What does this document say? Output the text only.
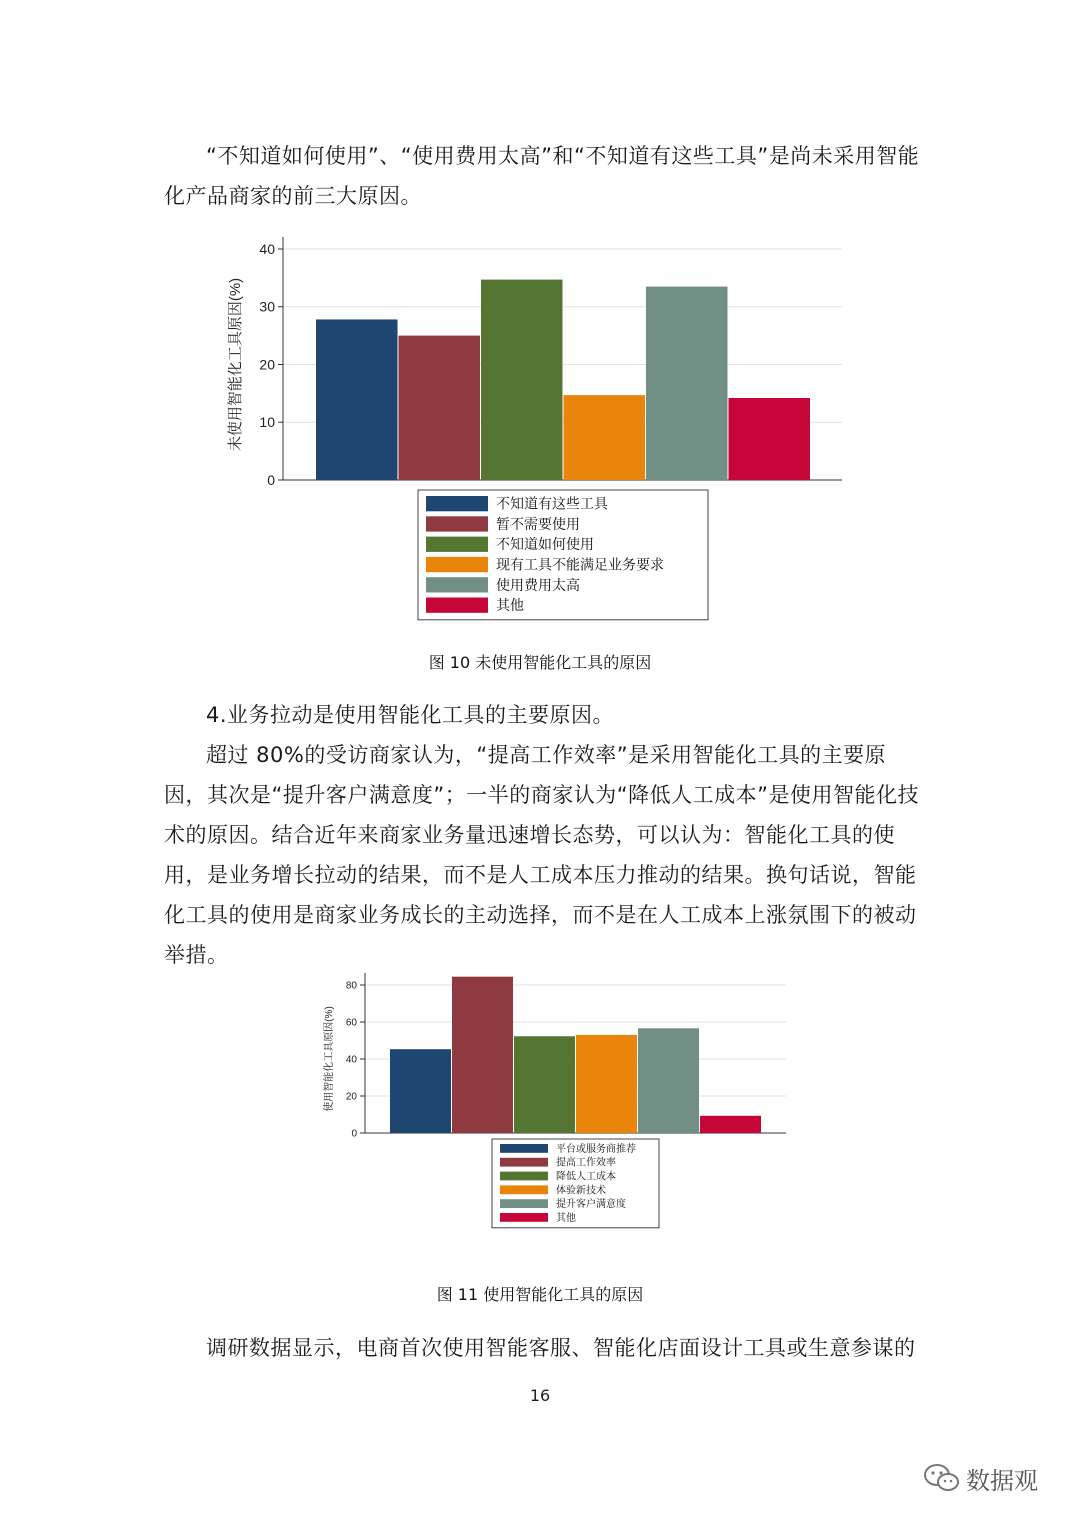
“不知道如何使用”、“使用费用太高”和“不知道有这些工具”是尚未采用智能化产品商家的前三大原因。

0
10
20
30
40
未使用智能化工具原因(%)
不知道有这些工具
暂不需要使用
不知道如何使用
现有工具不能满足业务要求
使用费用太高
其他
0
20
40
60
80
使用智能化工具原因(%)
平台或服务商推荐
提高工作效率
降低人工成本
体验新技术
提升客户满意度
其他
图 10 未使用智能化工具的原因

4.业务拉动是使用智能化工具的主要原因。

超过 80%的受访商家认为，“提高工作效率”是采用智能化工具的主要原因，其次是“提升客户满意度”；一半的商家认为“降低人工成本”是使用智能化技术的原因。结合近年来商家业务量迅速增长态势，可以认为：智能化工具的使用，是业务增长拉动的结果，而不是人工成本压力推动的结果。换句话说，智能化工具的使用是商家业务成长的主动选择，而不是在人工成本上涨氛围下的被动举措。

图 11 使用智能化工具的原因

调研数据显示，电商首次使用智能客服、智能化店面设计工具或生意参谋的

16
数据观
